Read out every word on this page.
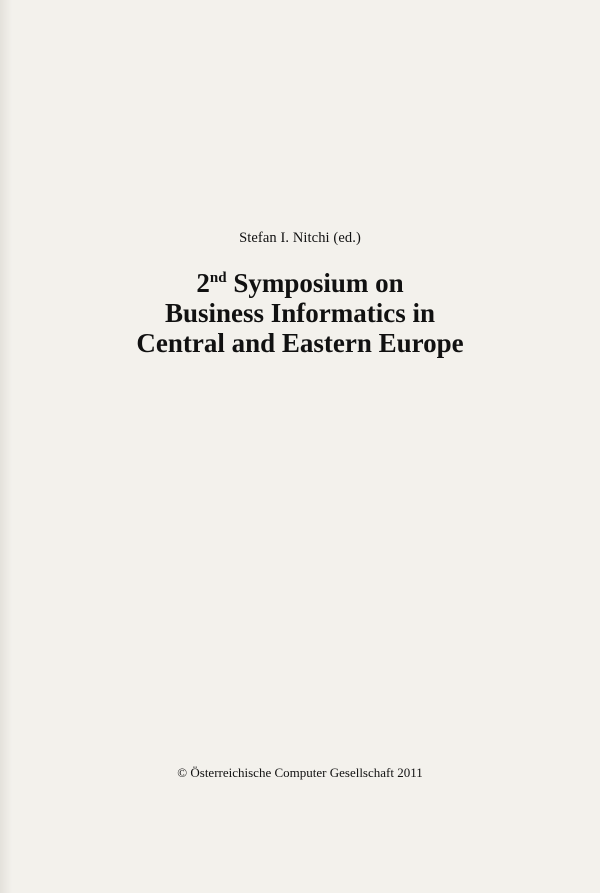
Stefan I. Nitchi (ed.)
2nd Symposium on
Business Informatics in
Central and Eastern Europe
© Österreichische Computer Gesellschaft 2011
